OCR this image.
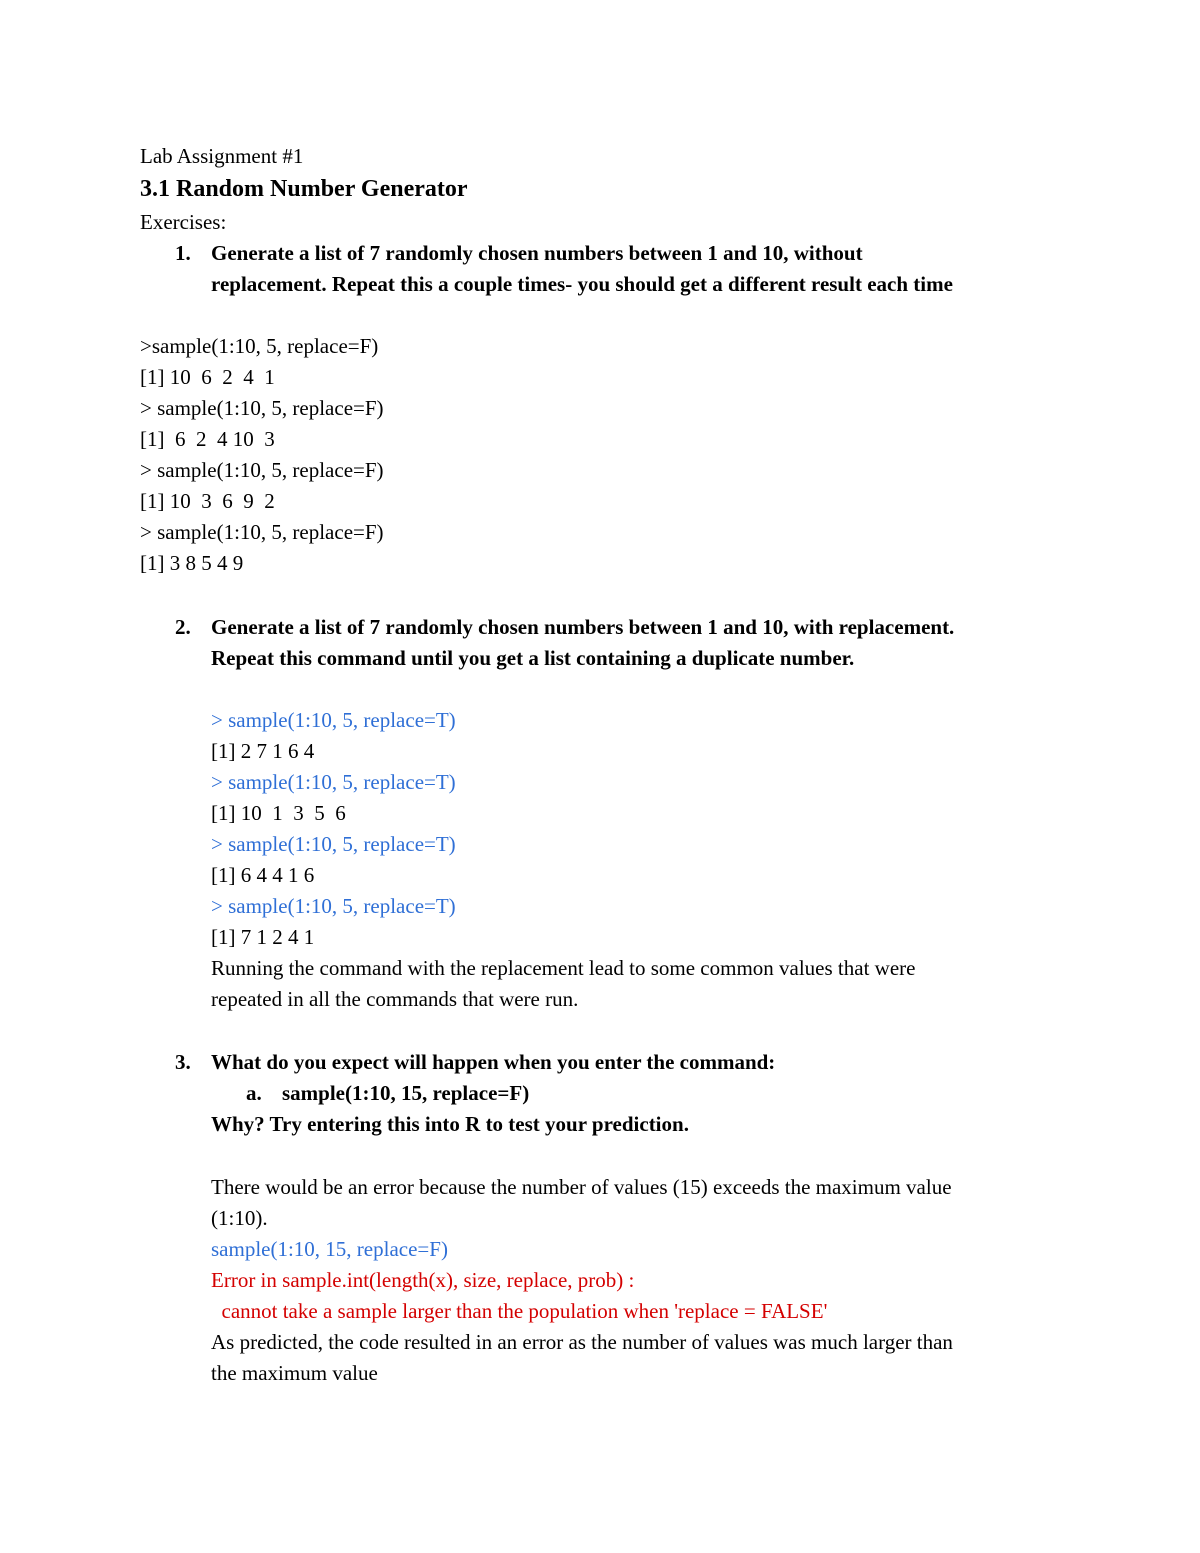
Lab Assignment #1
3.1 Random Number Generator
Exercises:
1. Generate a list of 7 randomly chosen numbers between 1 and 10, without
replacement. Repeat this a couple times- you should get a different result each time
>sample(1:10, 5, replace=F)
[1] 10  6  2  4  1
> sample(1:10, 5, replace=F)
[1]  6  2  4 10  3
> sample(1:10, 5, replace=F)
[1] 10  3  6  9  2
> sample(1:10, 5, replace=F)
[1] 3 8 5 4 9
2. Generate a list of 7 randomly chosen numbers between 1 and 10, with replacement.
Repeat this command until you get a list containing a duplicate number.
> sample(1:10, 5, replace=T)
[1] 2 7 1 6 4
> sample(1:10, 5, replace=T)
[1] 10  1  3  5  6
> sample(1:10, 5, replace=T)
[1] 6 4 4 1 6
> sample(1:10, 5, replace=T)
[1] 7 1 2 4 1
Running the command with the replacement lead to some common values that were
repeated in all the commands that were run.
3. What do you expect will happen when you enter the command:
a. sample(1:10, 15, replace=F)
Why? Try entering this into R to test your prediction.
There would be an error because the number of values (15) exceeds the maximum value
(1:10).
sample(1:10, 15, replace=F)
Error in sample.int(length(x), size, replace, prob) :
cannot take a sample larger than the population when 'replace = FALSE'
As predicted, the code resulted in an error as the number of values was much larger than
the maximum value
